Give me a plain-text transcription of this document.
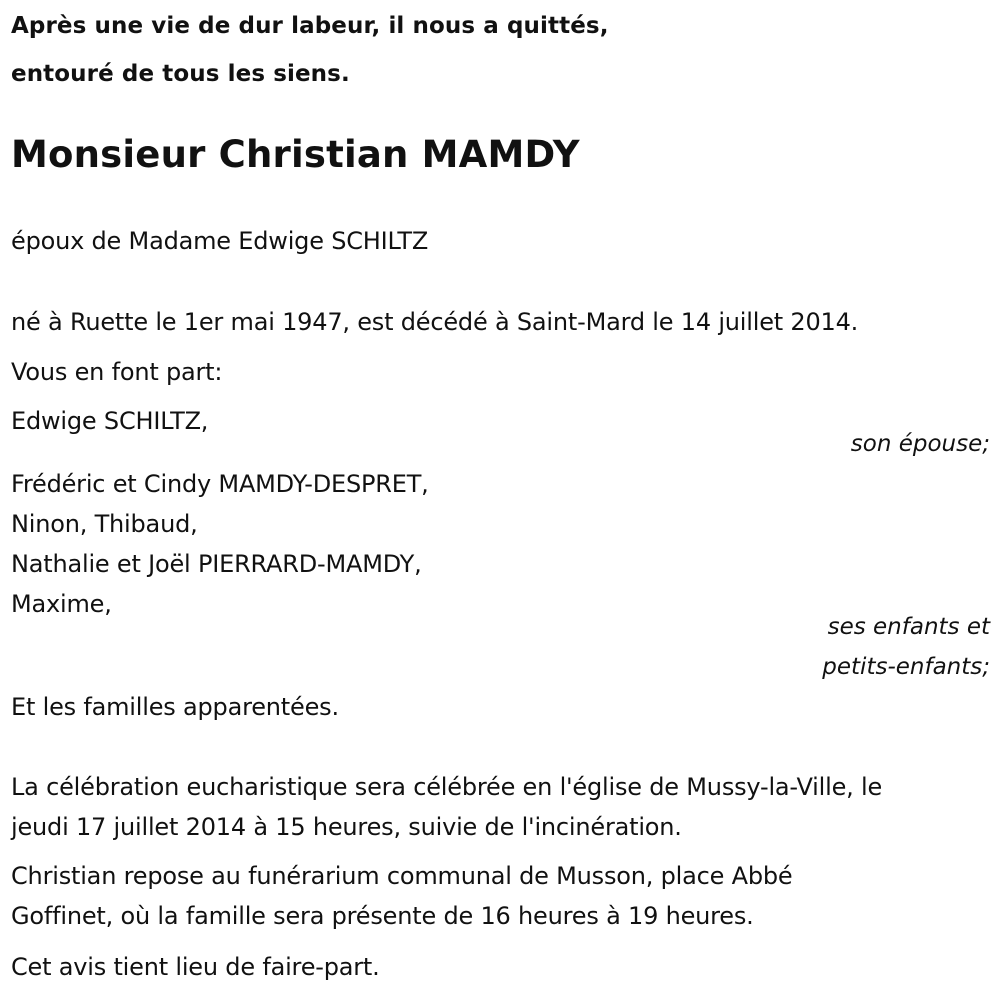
Après une vie de dur labeur, il nous a quittés,

entouré de tous les siens.

Monsieur Christian MAMDY

époux de Madame Edwige SCHILTZ

né à Ruette le 1er mai 1947, est décédé à Saint-Mard le 14 juillet 2014.

Vous en font part:

Edwige SCHILTZ,

son épouse;

Frédéric et Cindy MAMDY-DESPRET,

Ninon, Thibaud,

Nathalie et Joël PIERRARD-MAMDY,

Maxime,

ses enfants et

petits-enfants;

Et les familles apparentées.

La célébration eucharistique sera célébrée en l'église de Mussy-la-Ville, le

jeudi 17 juillet 2014 à 15 heures, suivie de l'incinération.

Christian repose au funérarium communal de Musson, place Abbé

Goffinet, où la famille sera présente de 16 heures à 19 heures.

Cet avis tient lieu de faire-part.
